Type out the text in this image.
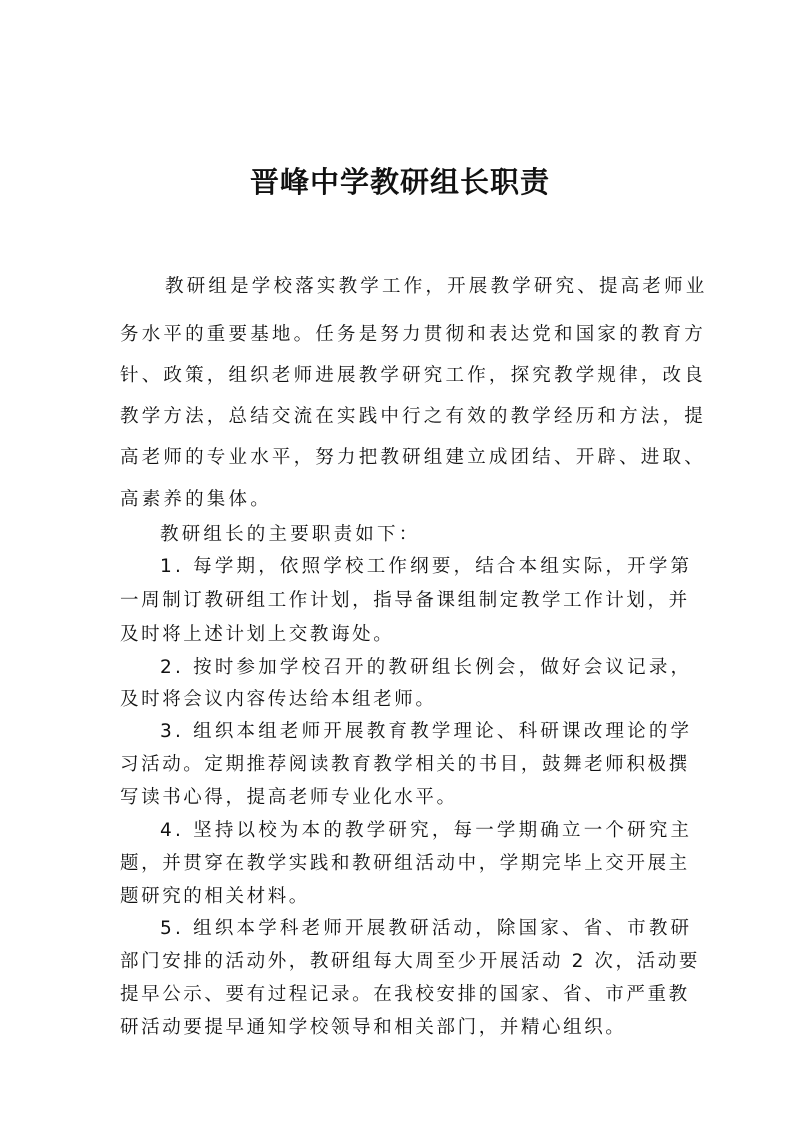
晋峰中学教研组长职责
教研组是学校落实教学工作，开展教学研究、提高老师业
务水平的重要基地。任务是努力贯彻和表达党和国家的教育方
针、政策，组织老师进展教学研究工作，探究教学规律，改良
教学方法，总结交流在实践中行之有效的教学经历和方法，提
高老师的专业水平，努力把教研组建立成团结、开辟、进取、
高素养的集体。
教研组长的主要职责如下：
1. 每学期，依照学校工作纲要，结合本组实际，开学第
一周制订教研组工作计划，指导备课组制定教学工作计划，并
及时将上述计划上交教诲处。
2. 按时参加学校召开的教研组长例会，做好会议记录，
及时将会议内容传达给本组老师。
3. 组织本组老师开展教育教学理论、科研课改理论的学
习活动。定期推荐阅读教育教学相关的书目，鼓舞老师积极撰
写读书心得，提高老师专业化水平。
4. 坚持以校为本的教学研究，每一学期确立一个研究主
题，并贯穿在教学实践和教研组活动中，学期完毕上交开展主
题研究的相关材料。
5. 组织本学科老师开展教研活动，除国家、省、市教研
部门安排的活动外，教研组每大周至少开展活动 2 次，活动要
提早公示、要有过程记录。在我校安排的国家、省、市严重教
研活动要提早通知学校领导和相关部门，并精心组织。
